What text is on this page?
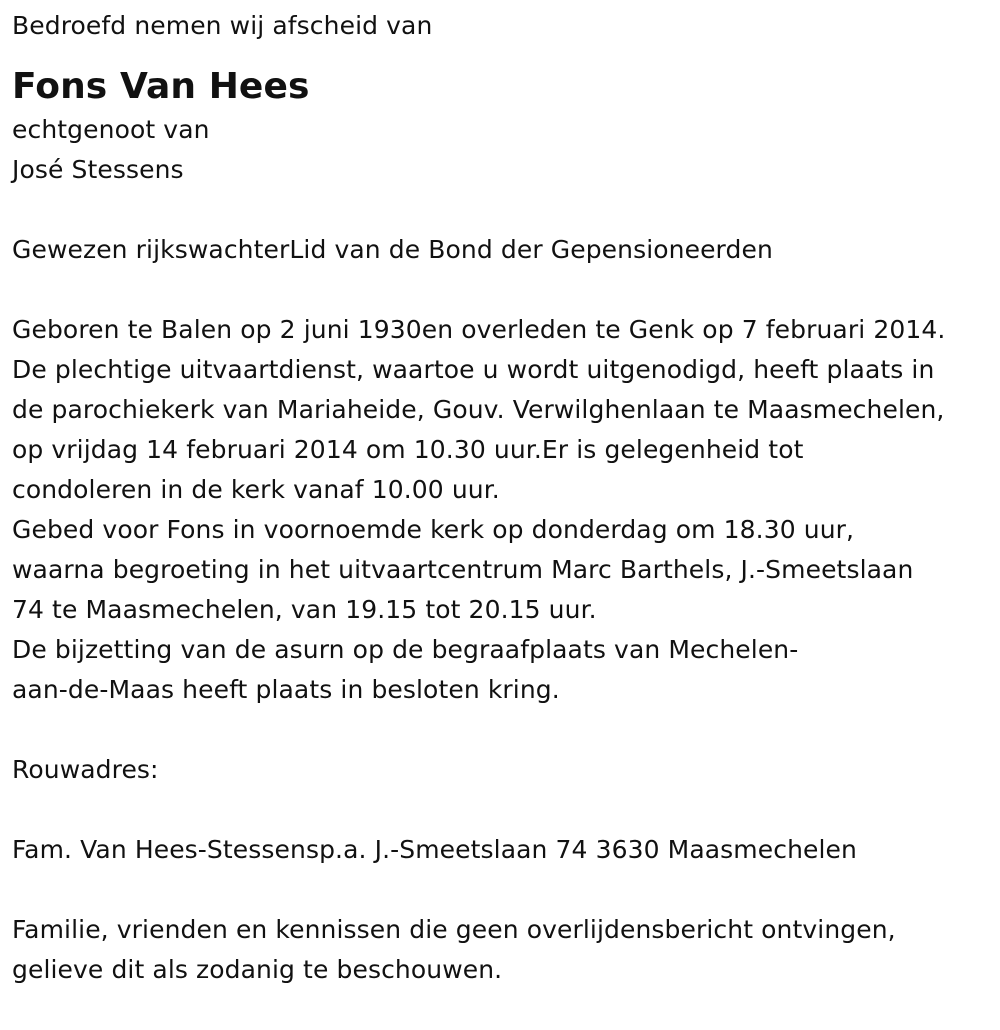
Bedroefd nemen wij afscheid van
Fons Van Hees
echtgenoot van
José Stessens
Gewezen rijkswachterLid van de Bond der Gepensioneerden
Geboren te Balen op 2 juni 1930en overleden te Genk op 7 februari 2014.
De plechtige uitvaartdienst, waartoe u wordt uitgenodigd, heeft plaats in
de parochiekerk van Mariaheide, Gouv. Verwilghenlaan te Maasmechelen,
op vrijdag 14 februari 2014 om 10.30 uur.Er is gelegenheid tot
condoleren in de kerk vanaf 10.00 uur.
Gebed voor Fons in voornoemde kerk op donderdag om 18.30 uur,
waarna begroeting in het uitvaartcentrum Marc Barthels, J.-Smeetslaan
74 te Maasmechelen, van 19.15 tot 20.15 uur.
De bijzetting van de asurn op de begraafplaats van Mechelen-
aan-de-Maas heeft plaats in besloten kring.
Rouwadres:
Fam. Van Hees-Stessensp.a. J.-Smeetslaan 74 3630 Maasmechelen
Familie, vrienden en kennissen die geen overlijdensbericht ontvingen,
gelieve dit als zodanig te beschouwen.
